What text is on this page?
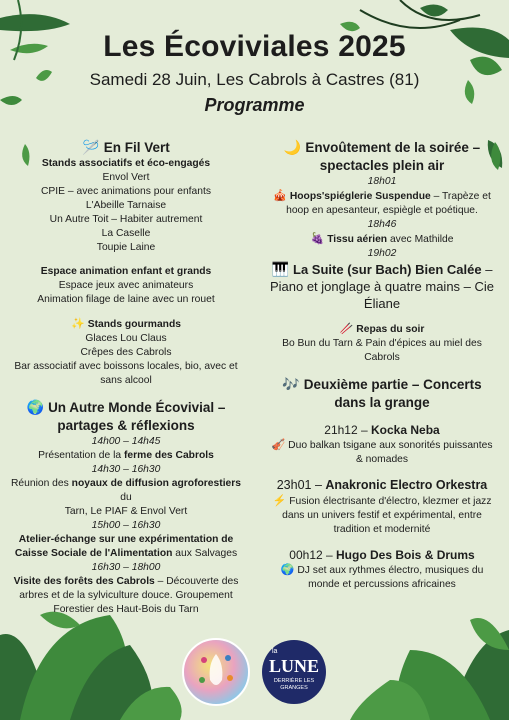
Les Écoviviales 2025
Samedi 28 Juin, Les Cabrols à Castres (81)
Programme
🪡 En Fil Vert
Stands associatifs et éco-engagés
Envol Vert
CPIE – avec animations pour enfants
L'Abeille Tarnaise
Un Autre Toit – Habiter autrement
La Caselle
Toupie Laine
Espace animation enfant et grands
Espace jeux avec animateurs
Animation filage de laine avec un rouet
✨ Stands gourmands
Glaces Lou Claus
Crêpes des Cabrols
Bar associatif avec boissons locales, bio, avec et
sans alcool
🌍 Un Autre Monde Écovivial –
partages & réflexions
14h00 – 14h45
Présentation de la ferme des Cabrols
14h30 – 16h30
Réunion des noyaux de diffusion agroforestiers du
Tarn, Le PIAF & Envol Vert
15h00 – 16h30
Atelier-échange sur une expérimentation de
Caisse Sociale de l'Alimentation aux Salvages
16h30 – 18h00
Visite des forêts des Cabrols – Découverte des
arbres et de la sylviculture douce. Groupement
Forestier des Haut-Bois du Tarn
🌙 Envoûtement de la soirée –
spectacles plein air
18h01
🎪 Hoops'spiéglerie Suspendue – Trapèze et
hoop en apesanteur, espiègle et poétique.
18h46
🍇 Tissu aérien avec Mathilde
19h02
🎹 La Suite (sur Bach) Bien Calée –
Piano et jonglage à quatre mains – Cie
Éliane
🥢 Repas du soir
Bo Bun du Tarn & Pain d'épices au miel des
Cabrols
🎶 Deuxième partie – Concerts
dans la grange
21h12 – Kocka Neba
🎻 Duo balkan tsigane aux sonorités puissantes
& nomades
23h01 – Anakronic Electro Orkestra
⚡ Fusion électrisante d'électro, klezmer et jazz
dans un univers festif et expérimental, entre
tradition et modernité
00h12 – Hugo Des Bois & Drums
🌍 DJ set aux rythmes électro, musiques du
monde et percussions africaines
la
LUNE
DERRIÈRE LES GRANGES
